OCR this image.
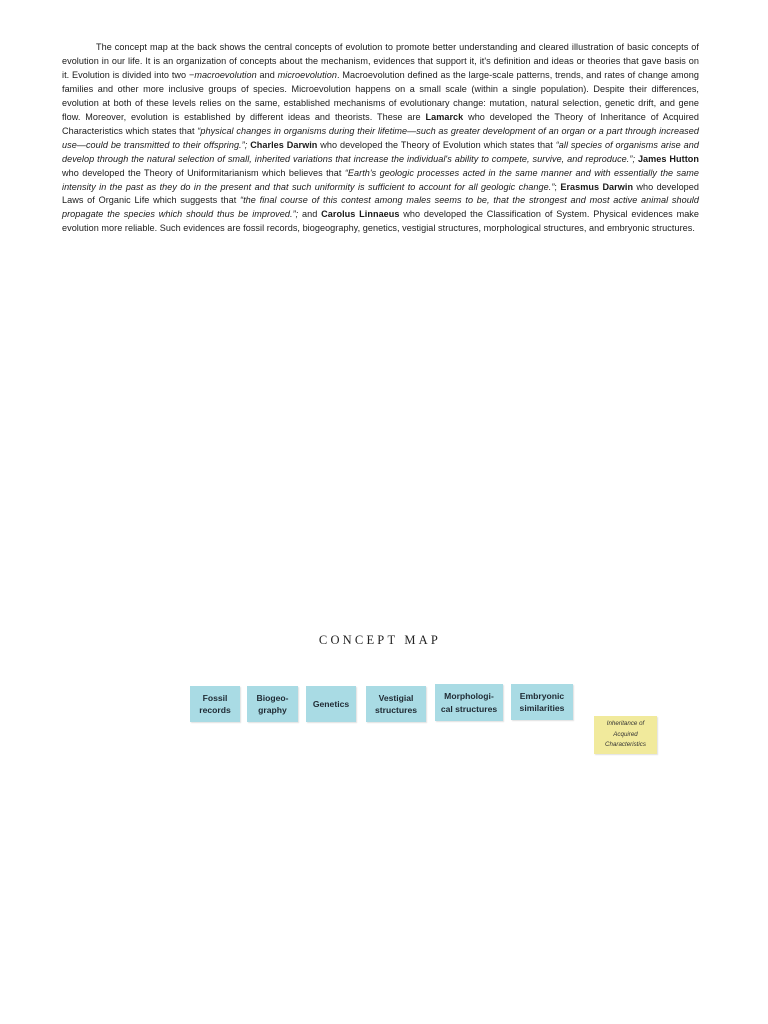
The concept map at the back shows the central concepts of evolution to promote better understanding and cleared illustration of basic concepts of evolution in our life. It is an organization of concepts about the mechanism, evidences that support it, it's definition and ideas or theories that gave basis on it. Evolution is divided into two −macroevolution and microevolution. Macroevolution defined as the large-scale patterns, trends, and rates of change among families and other more inclusive groups of species. Microevolution happens on a small scale (within a single population). Despite their differences, evolution at both of these levels relies on the same, established mechanisms of evolutionary change: mutation, natural selection, genetic drift, and gene flow. Moreover, evolution is established by different ideas and theorists. These are Lamarck who developed the Theory of Inheritance of Acquired Characteristics which states that “physical changes in organisms during their lifetime—such as greater development of an organ or a part through increased use—could be transmitted to their offspring.”; Charles Darwin who developed the Theory of Evolution which states that “all species of organisms arise and develop through the natural selection of small, inherited variations that increase the individual's ability to compete, survive, and reproduce.”; James Hutton who developed the Theory of Uniformitarianism which believes that “Earth's geologic processes acted in the same manner and with essentially the same intensity in the past as they do in the present and that such uniformity is sufficient to account for all geologic change.”; Erasmus Darwin who developed Laws of Organic Life which suggests that “the final course of this contest among males seems to be, that the strongest and most active animal should propagate the species which should thus be improved.”; and Carolus Linnaeus who developed the Classification of System. Physical evidences make evolution more reliable. Such evidences are fossil records, biogeography, genetics, vestigial structures, morphological structures, and embryonic structures.

CONCEPT MAP
Fossil
records
Biogeo-
graphy
Genetics
Vestigial
structures
Morphologi-
cal structures
Embryonic
similarities
Inheritance of
Acquired
Characteristics
